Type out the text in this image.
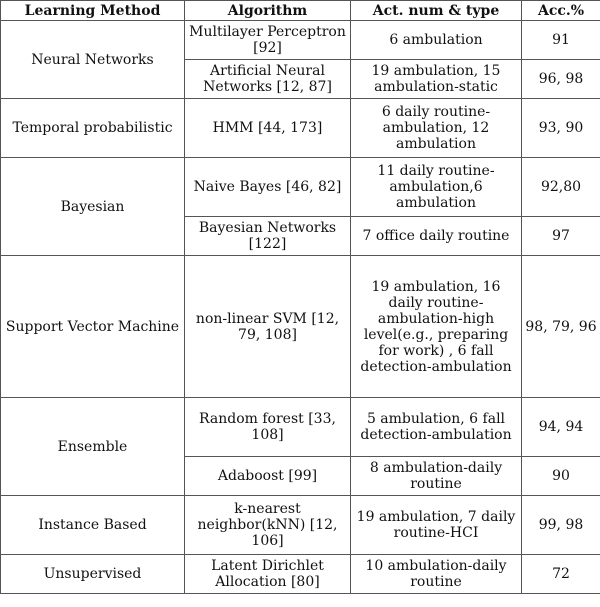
Learning Method	Algorithm	Act. num & type	Acc.%
Neural Networks	Multilayer Perceptron [92]	6 ambulation	91
	Artificial Neural Networks [12, 87]	19 ambulation, 15 ambulation-static	96, 98
Temporal probabilistic	HMM [44, 173]	6 daily routine-ambulation, 12 ambulation	93, 90
Bayesian	Naive Bayes [46, 82]	11 daily routine-ambulation,6 ambulation	92,80
	Bayesian Networks [122]	7 office daily routine	97
Support Vector Machine	non-linear SVM [12, 79, 108]	19 ambulation, 16 daily routine-ambulation-high level(e.g., preparing for work) , 6 fall detection-ambulation	98, 79, 96
Ensemble	Random forest [33, 108]	5 ambulation, 6 fall detection-ambulation	94, 94
	Adaboost [99]	8 ambulation-daily routine	90
Instance Based	k-nearest neighbor(kNN) [12, 106]	19 ambulation, 7 daily routine-HCI	99, 98
Unsupervised	Latent Dirichlet Allocation [80]	10 ambulation-daily routine	72
